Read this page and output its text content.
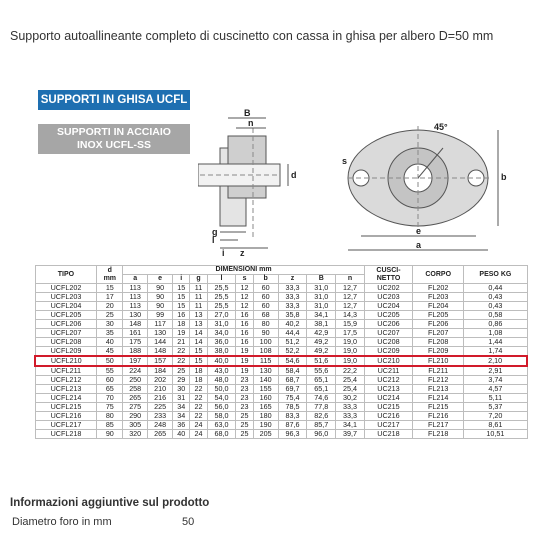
Supporto autoallineante completo di cuscinetto con cassa in ghisa per albero D=50 mm
SUPPORTI IN GHISA UCFL
SUPPORTI IN ACCIAIO
INOX UCFL-SS
B
n
d
g
l
i z
45°
s
b
e
a
TIPO	d
mm	DIMENSIONI mm										CUSCI-
NETTO	CORPO	PESO KG
		a	e	i	g	l	s	b	z	B	n			
UCFL202	15	113	90	15	11	25,5	12	60	33,3	31,0	12,7	UC202	FL202	0,44
UCFL203	17	113	90	15	11	25,5	12	60	33,3	31,0	12,7	UC203	FL203	0,43
UCFL204	20	113	90	15	11	25,5	12	60	33,3	31,0	12,7	UC204	FL204	0,43
UCFL205	25	130	99	16	13	27,0	16	68	35,8	34,1	14,3	UC205	FL205	0,58
UCFL206	30	148	117	18	13	31,0	16	80	40,2	38,1	15,9	UC206	FL206	0,86
UCFL207	35	161	130	19	14	34,0	16	90	44,4	42,9	17,5	UC207	FL207	1,08
UCFL208	40	175	144	21	14	36,0	16	100	51,2	49,2	19,0	UC208	FL208	1,44
UCFL209	45	188	148	22	15	38,0	19	108	52,2	49,2	19,0	UC209	FL209	1,74
UCFL210	50	197	157	22	15	40,0	19	115	54,6	51,6	19,0	UC210	FL210	2,10
UCFL211	55	224	184	25	18	43,0	19	130	58,4	55,6	22,2	UC211	FL211	2,91
UCFL212	60	250	202	29	18	48,0	23	140	68,7	65,1	25,4	UC212	FL212	3,74
UCFL213	65	258	210	30	22	50,0	23	155	69,7	65,1	25,4	UC213	FL213	4,57
UCFL214	70	265	216	31	22	54,0	23	160	75,4	74,6	30,2	UC214	FL214	5,11
UCFL215	75	275	225	34	22	56,0	23	165	78,5	77,8	33,3	UC215	FL215	5,37
UCFL216	80	290	233	34	22	58,0	25	180	83,3	82,6	33,3	UC216	FL216	7,20
UCFL217	85	305	248	36	24	63,0	25	190	87,6	85,7	34,1	UC217	FL217	8,61
UCFL218	90	320	265	40	24	68,0	25	205	96,3	96,0	39,7	UC218	FL218	10,51
Informazioni aggiuntive sul prodotto
Diametro foro in mm	50
